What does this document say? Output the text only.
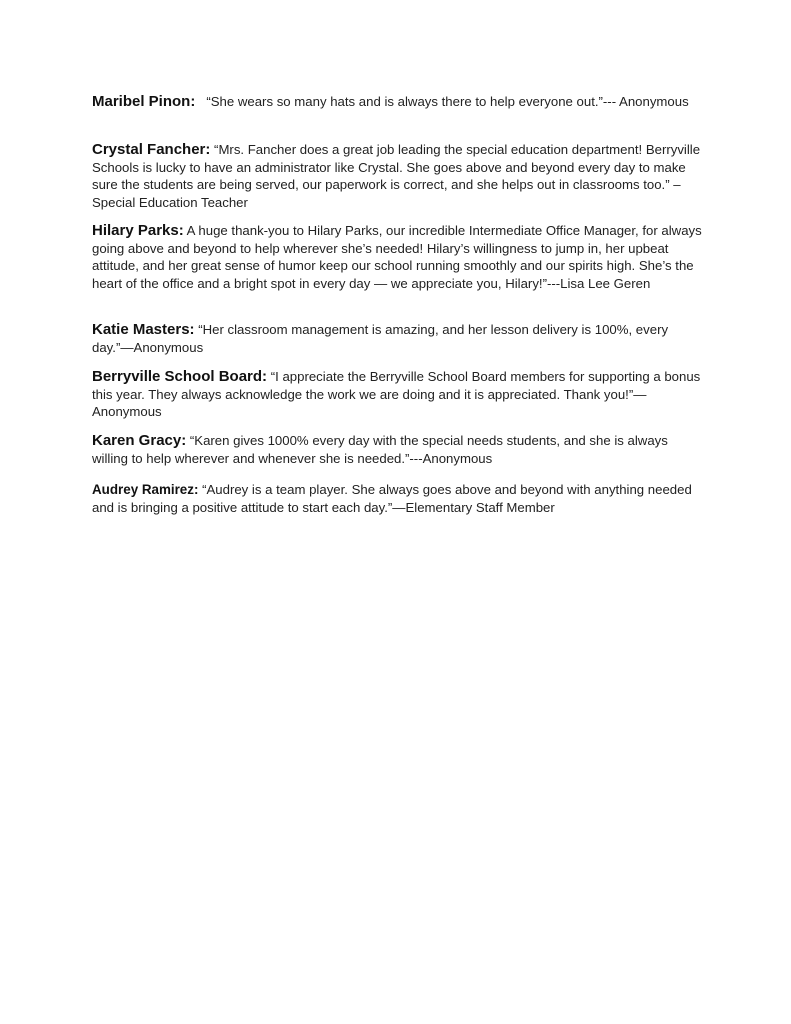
Maribel Pinon: “She wears so many hats and is always there to help everyone out.”--- Anonymous
Crystal Fancher: “Mrs. Fancher does a great job leading the special education department! Berryville Schools is lucky to have an administrator like Crystal. She goes above and beyond every day to make sure the students are being served, our paperwork is correct, and she helps out in classrooms too.” –Special Education Teacher
Hilary Parks: A huge thank-you to Hilary Parks, our incredible Intermediate Office Manager, for always going above and beyond to help wherever she’s needed! Hilary’s willingness to jump in, her upbeat attitude, and her great sense of humor keep our school running smoothly and our spirits high. She’s the heart of the office and a bright spot in every day — we appreciate you, Hilary!”---Lisa Lee Geren
Katie Masters: “Her classroom management is amazing, and her lesson delivery is 100%, every day.”—Anonymous
Berryville School Board: “I appreciate the Berryville School Board members for supporting a bonus this year. They always acknowledge the work we are doing and it is appreciated. Thank you!”—Anonymous
Karen Gracy: “Karen gives 1000% every day with the special needs students, and she is always willing to help wherever and whenever she is needed.”---Anonymous
Audrey Ramirez: “Audrey is a team player. She always goes above and beyond with anything needed and is bringing a positive attitude to start each day.”—Elementary Staff Member
